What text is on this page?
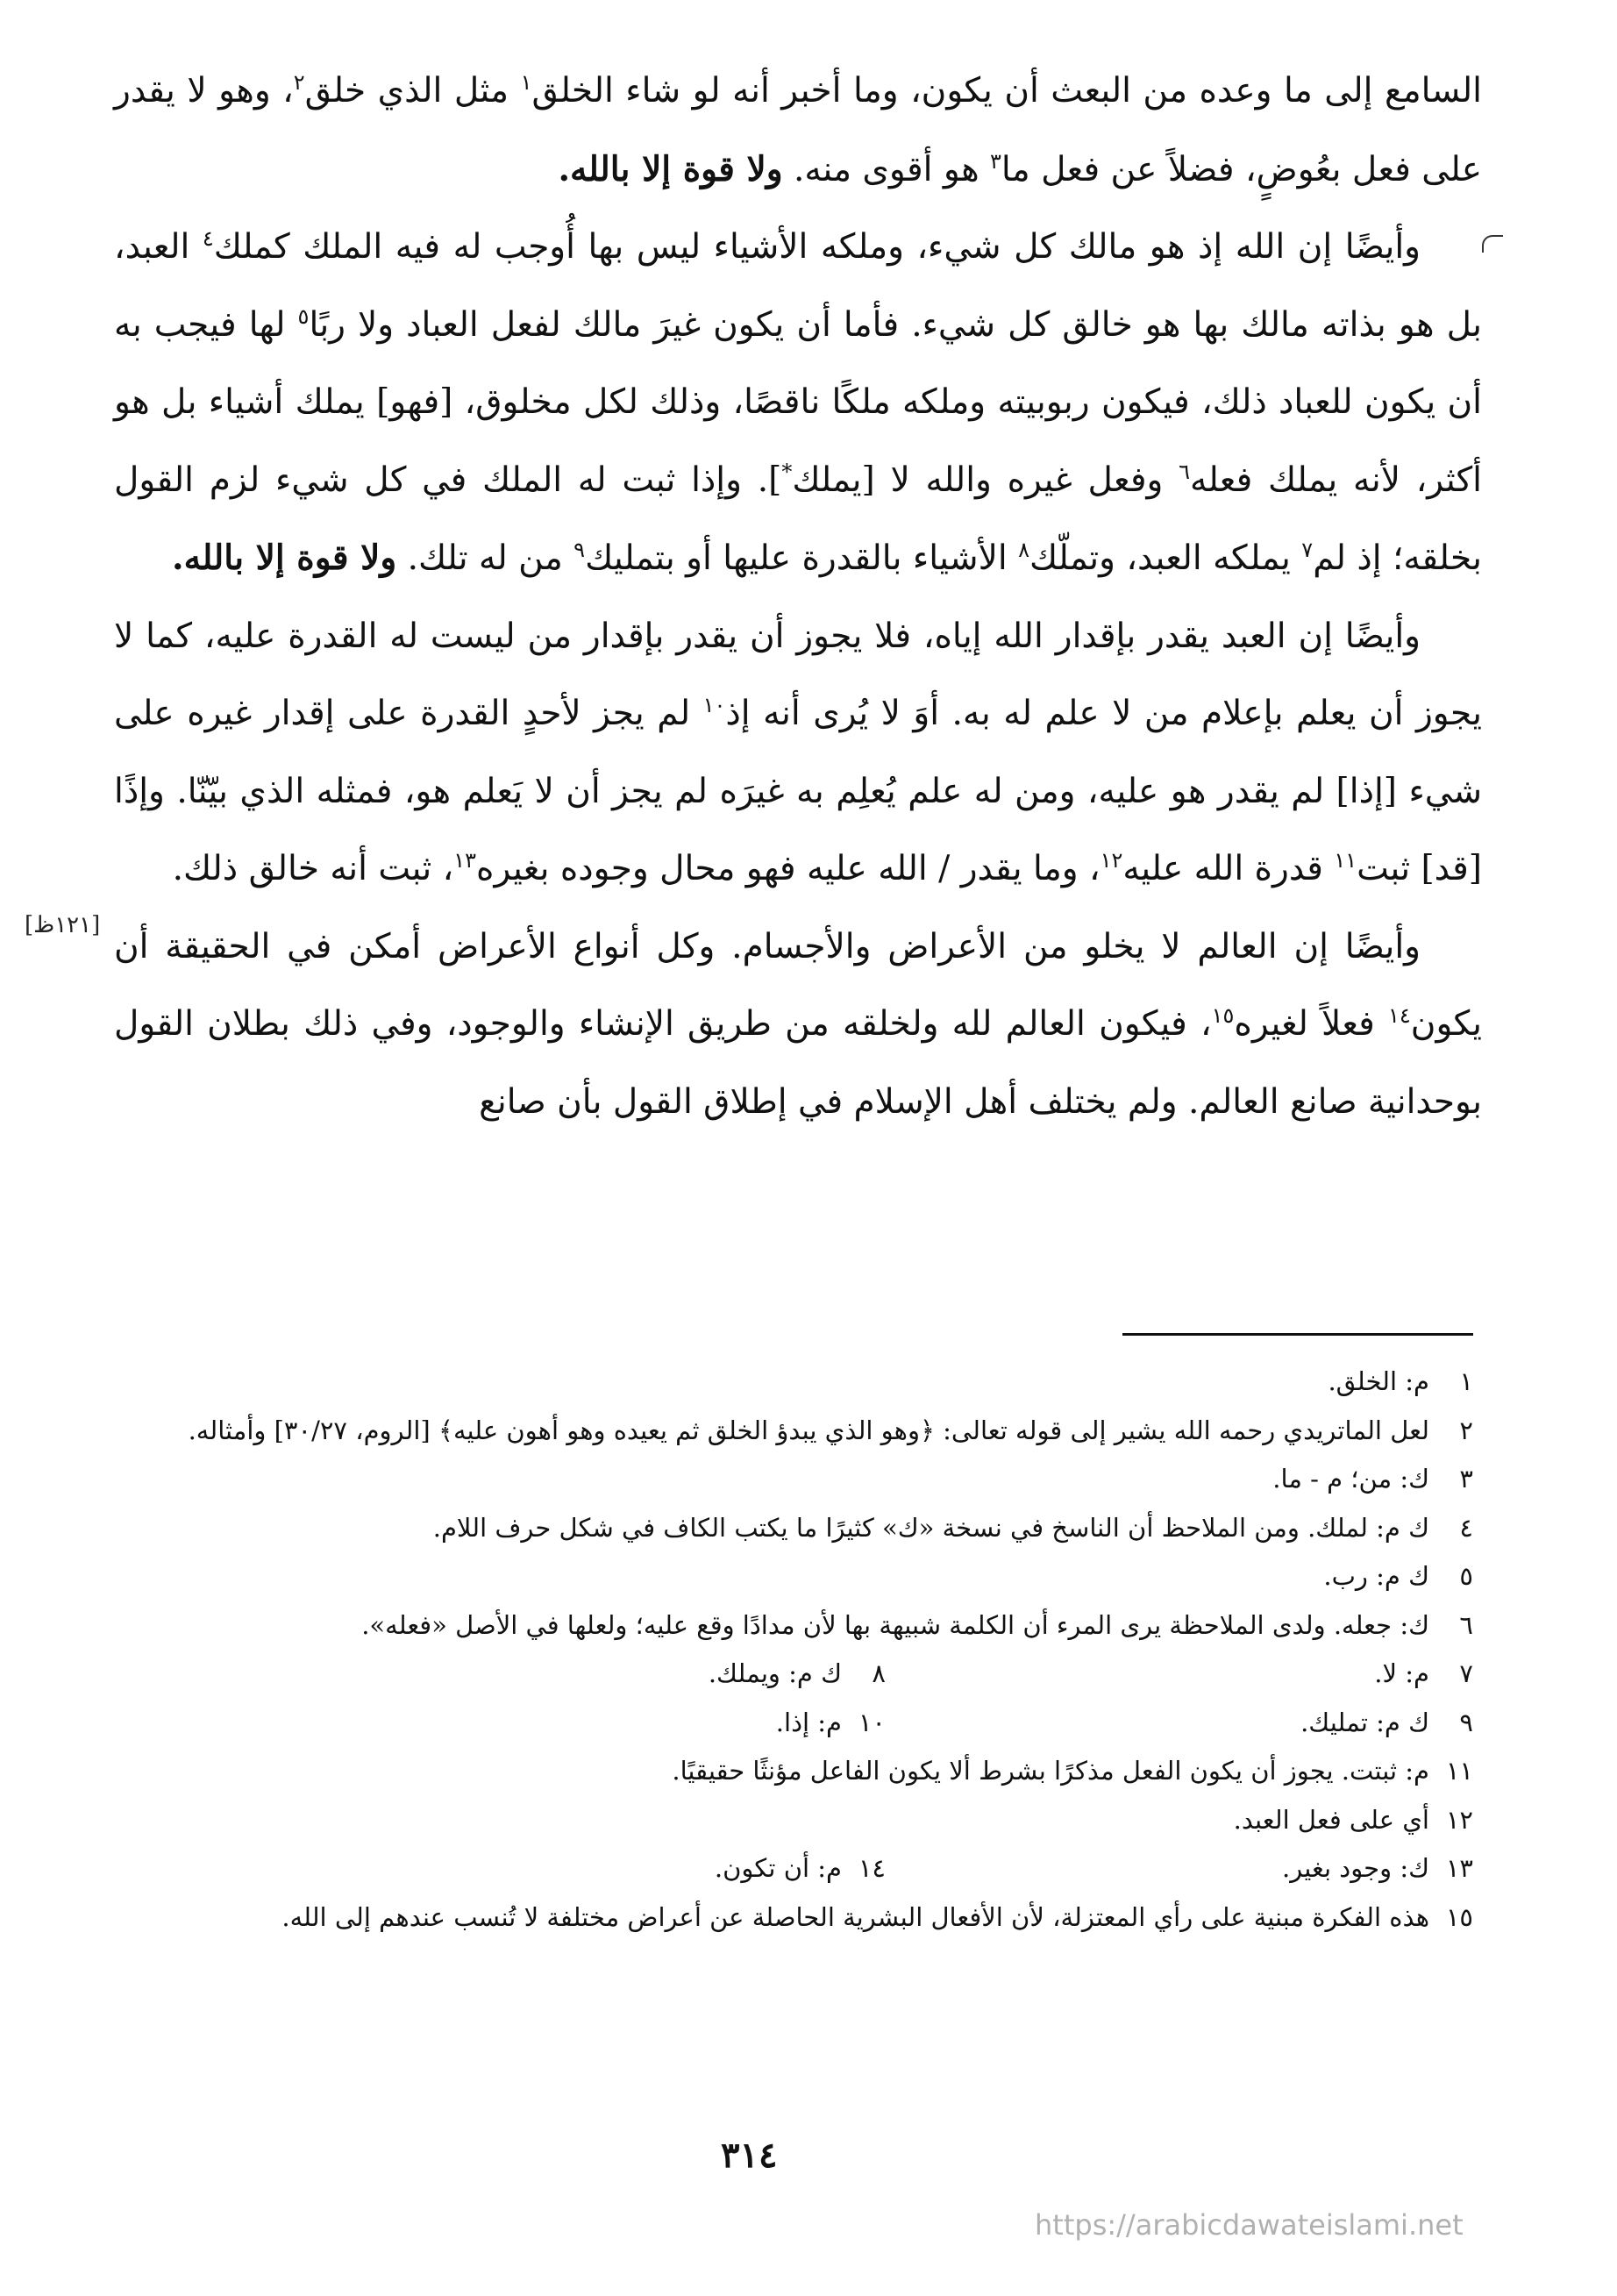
السامع إلى ما وعده من البعث أن يكون، وما أخبر أنه لو شاء الخلق$^١$ مثل الذي خلق$^٢$، وهو لا يقدر على فعل بعُوضٍ، فضلاً عن فعل ما$^٣$ هو أقوى منه. ولا قوة إلا بالله.

وأيضًا إن الله إذ هو مالك كل شيء، وملكه الأشياء ليس بها أُوجب له فيه الملك كملك$^٤$ العبد، بل هو بذاته مالك بها هو خالق كل شيء. فأما أن يكون غيرَ مالك لفعل العباد ولا ربًا$^٥$ لها فيجب به أن يكون للعباد ذلك، فيكون ربوبيته وملكه ملكًا ناقصًا، وذلك لكل مخلوق، [فهو] يملك أشياء بل هو أكثر، لأنه يملك فعله$^٦$ وفعل غيره والله لا [يملك*]. وإذا ثبت له الملك في كل شيء لزم القول بخلقه؛ إذ لم$^٧$ يملكه العبد، وتملّك$^٨$ الأشياء بالقدرة عليها أو بتمليك$^٩$ من له تلك. ولا قوة إلا بالله.

وأيضًا إن العبد يقدر بإقدار الله إياه، فلا يجوز أن يقدر بإقدار من ليست له القدرة عليه، كما لا يجوز أن يعلم بإعلام من لا علم له به. أوَ لا يُرى أنه إذ$^{١٠}$ لم يجز لأحدٍ القدرة على إقدار غيره على شيء [إذا] لم يقدر هو عليه، ومن له علم يُعلِم به غيرَه لم يجز أن لا يَعلم هو، فمثله الذي بيّنّا. وإذًا [قد] ثبت$^{١١}$ قدرة الله عليه$^{١٢}$، وما يقدر / الله عليه فهو محال وجوده بغيره$^{١٣}$، ثبت أنه خالق ذلك.

وأيضًا إن العالم لا يخلو من الأعراض والأجسام. وكل أنواع الأعراض أمكن في الحقيقة أن يكون$^{١٤}$ فعلاً لغيره$^{١٥}$، فيكون العالم لله ولخلقه من طريق الإنشاء والوجود، وفي ذلك بطلان القول بوحدانية صانع العالم. ولم يختلف أهل الإسلام في إطلاق القول بأن صانع

[١٢١ظ]

١
م: الخلق.

٢
لعل الماتريدي رحمه الله يشير إلى قوله تعالى: ﴿وهو الذي يبدؤ الخلق ثم يعيده وهو أهون عليه﴾ [الروم، ٣٠/٢٧] وأمثاله.

٣
ك: من؛ م - ما.

٤
ك م: لملك. ومن الملاحظ أن الناسخ في نسخة «ك» كثيرًا ما يكتب الكاف في شكل حرف اللام.

٥
ك م: رب.

٦
ك: جعله. ولدى الملاحظة يرى المرء أن الكلمة شبيهة بها لأن مدادًا وقع عليه؛ ولعلها في الأصل «فعله».

٧
م: لا.

٨
ك م: ويملك.

٩
ك م: تمليك.

١٠
م: إذا.

١١
م: ثبتت. يجوز أن يكون الفعل مذكرًا بشرط ألا يكون الفاعل مؤنثًا حقيقيًا.

١٢
أي على فعل العبد.

١٣
ك: وجود بغير.

١٤
م: أن تكون.

١٥
هذه الفكرة مبنية على رأي المعتزلة، لأن الأفعال البشرية الحاصلة عن أعراض مختلفة لا تُنسب عندهم إلى الله.

٣١٤
https://arabicdawateislami.net
